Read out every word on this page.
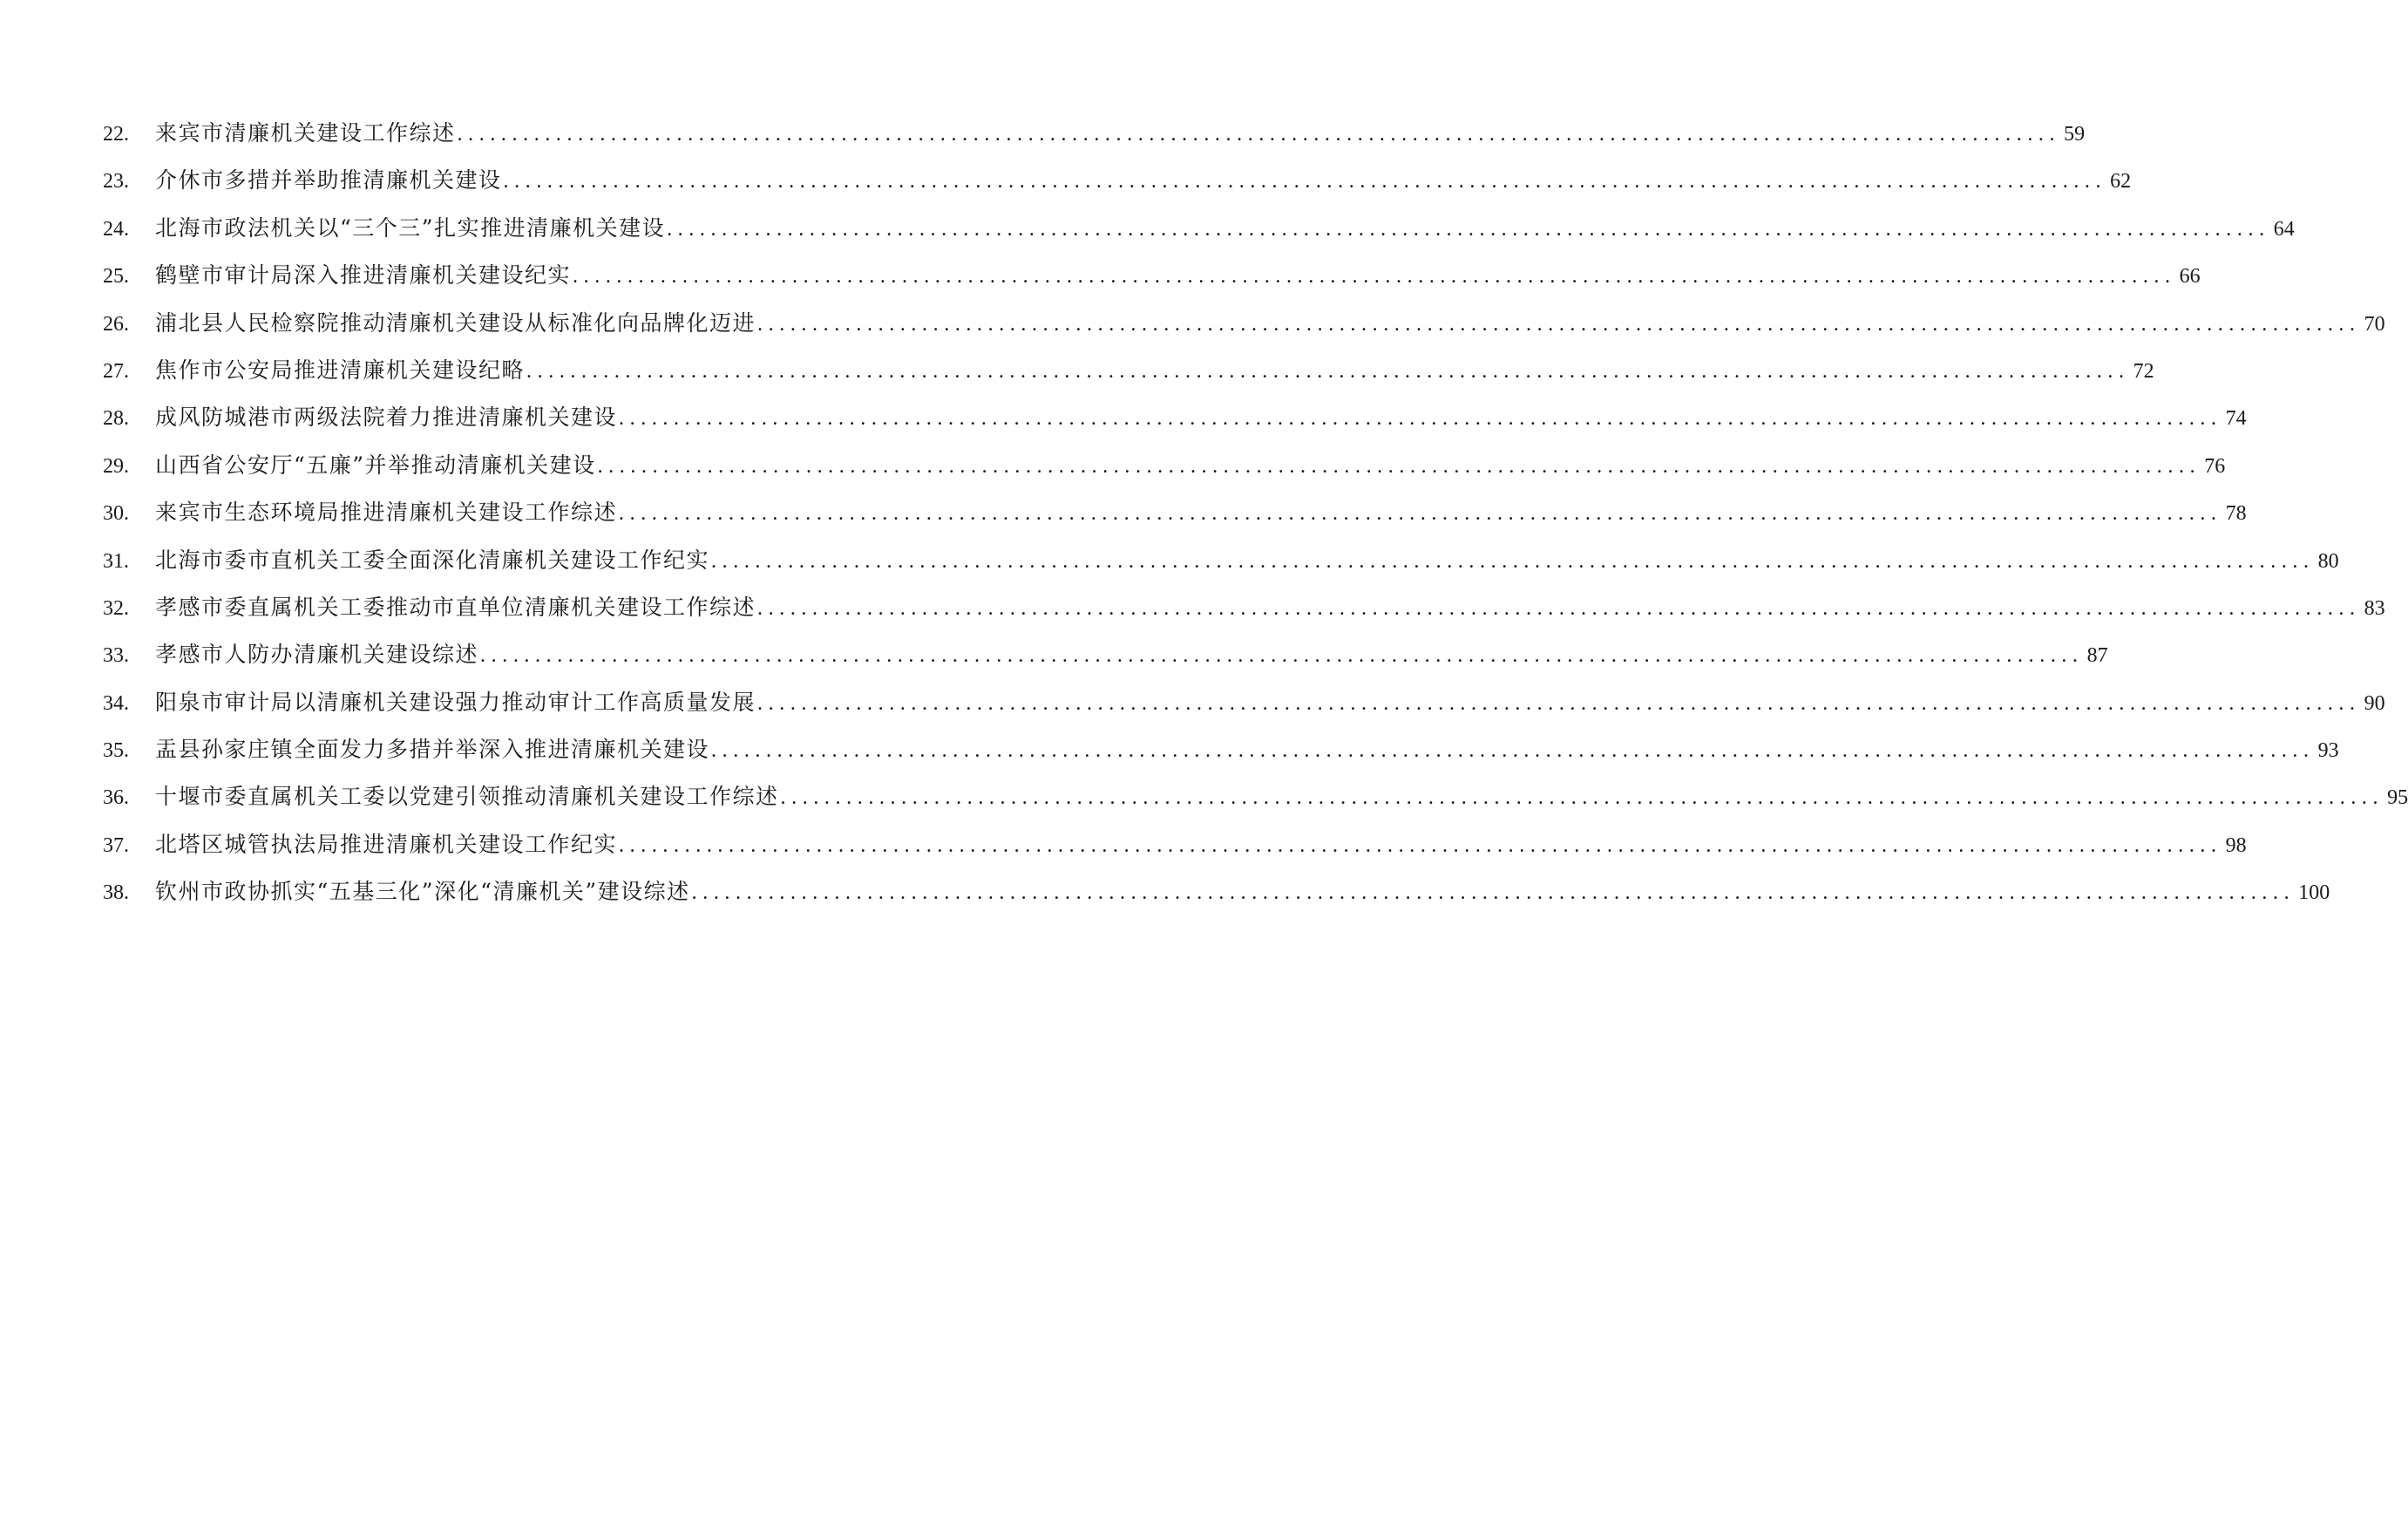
22.	来宾市清廉机关建设工作综述 .................................................................................................................................................. 59
23.	介休市多措并举助推清廉机关建设 .................................................................................................................................................. 62
24.	北海市政法机关以“三个三”扎实推进清廉机关建设 .................................................................................................................................................. 64
25.	鹤壁市审计局深入推进清廉机关建设纪实 .................................................................................................................................................. 66
26.	浦北县人民检察院推动清廉机关建设从标准化向品牌化迈进 .................................................................................................................................................. 70
27.	焦作市公安局推进清廉机关建设纪略 .................................................................................................................................................. 72
28.	成风防城港市两级法院着力推进清廉机关建设 .................................................................................................................................................. 74
29.	山西省公安厅“五廉”并举推动清廉机关建设 .................................................................................................................................................. 76
30.	来宾市生态环境局推进清廉机关建设工作综述 .................................................................................................................................................. 78
31.	北海市委市直机关工委全面深化清廉机关建设工作纪实 .................................................................................................................................................. 80
32.	孝感市委直属机关工委推动市直单位清廉机关建设工作综述 .................................................................................................................................................. 83
33.	孝感市人防办清廉机关建设综述 .................................................................................................................................................. 87
34.	阳泉市审计局以清廉机关建设强力推动审计工作高质量发展 .................................................................................................................................................. 90
35.	盂县孙家庄镇全面发力多措并举深入推进清廉机关建设 .................................................................................................................................................. 93
36.	十堰市委直属机关工委以党建引领推动清廉机关建设工作综述 .................................................................................................................................................. 95
37.	北塔区城管执法局推进清廉机关建设工作纪实 .................................................................................................................................................. 98
38.	钦州市政协抓实“五基三化”深化“清廉机关”建设综述 .................................................................................................................................................. 100
